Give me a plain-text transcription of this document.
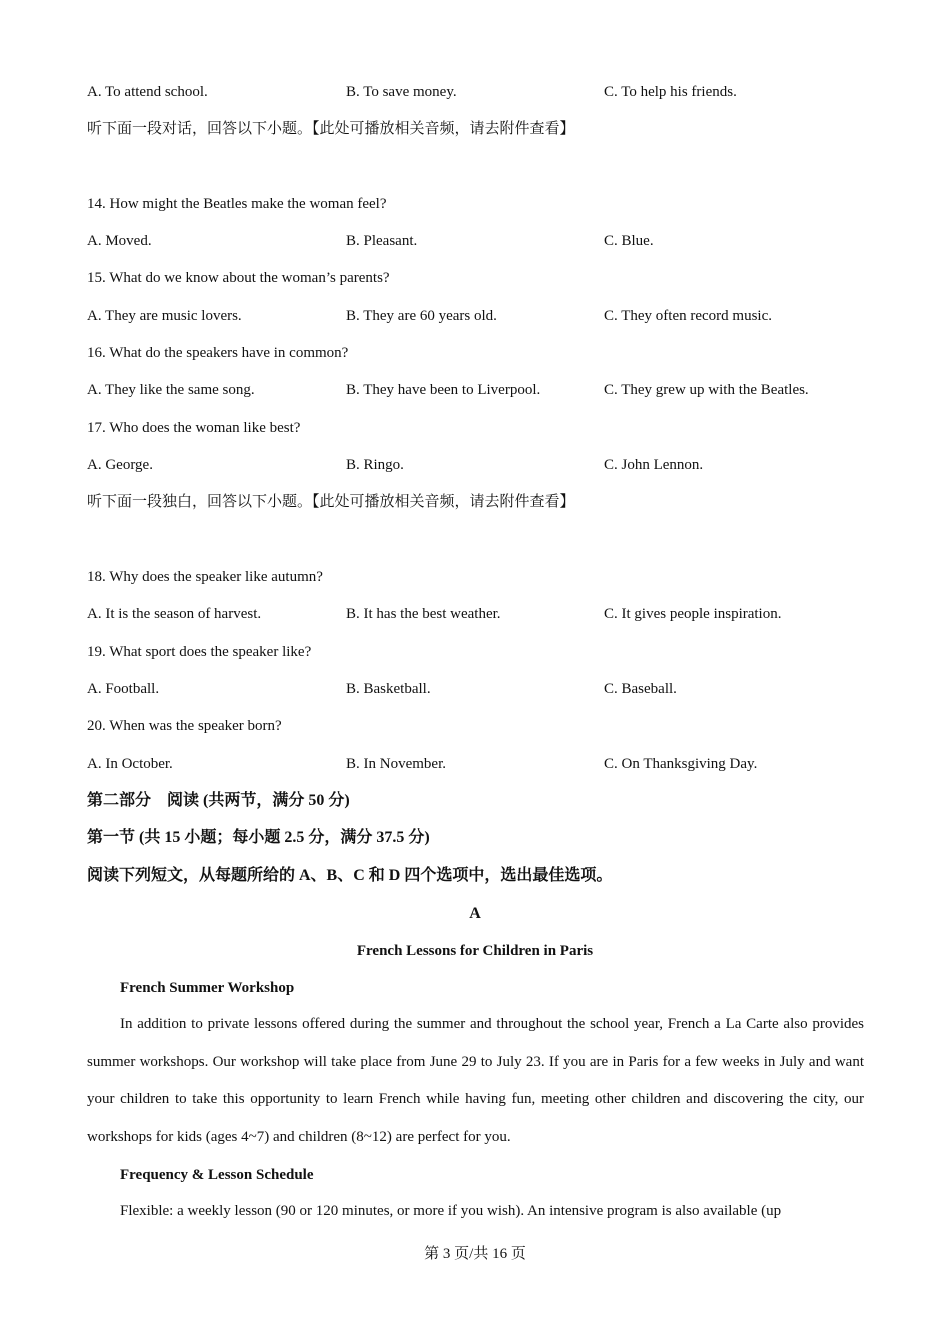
A. To attend school.	B. To save money.	C. To help his friends.
听下面一段对话，回答以下小题。【此处可播放相关音频，请去附件查看】
14. How might the Beatles make the woman feel?
A. Moved.	B. Pleasant.	C. Blue.
15. What do we know about the woman’s parents?
A. They are music lovers.	B. They are 60 years old.	C. They often record music.
16. What do the speakers have in common?
A. They like the same song.	B. They have been to Liverpool.	C. They grew up with the Beatles.
17. Who does the woman like best?
A. George.	B. Ringo.	C. John Lennon.
听下面一段独白，回答以下小题。【此处可播放相关音频，请去附件查看】
18. Why does the speaker like autumn?
A. It is the season of harvest.	B. It has the best weather.	C. It gives people inspiration.
19. What sport does the speaker like?
A. Football.	B. Basketball.	C. Baseball.
20. When was the speaker born?
A. In October.	B. In November.	C. On Thanksgiving Day.
第二部分　阅读 (共两节，满分 50 分)
第一节 (共 15 小题；每小题 2.5 分，满分 37.5 分)
阅读下列短文，从每题所给的 A、B、C 和 D 四个选项中，选出最佳选项。
A
French Lessons for Children in Paris
French Summer Workshop
In addition to private lessons offered during the summer and throughout the school year, French a La Carte also provides summer workshops. Our workshop will take place from June 29 to July 23. If you are in Paris for a few weeks in July and want your children to take this opportunity to learn French while having fun, meeting other children and discovering the city, our workshops for kids (ages 4~7) and children (8~12) are perfect for you.
Frequency & Lesson Schedule
Flexible: a weekly lesson (90 or 120 minutes, or more if you wish). An intensive program is also available (up
第 3 页/共 16 页
